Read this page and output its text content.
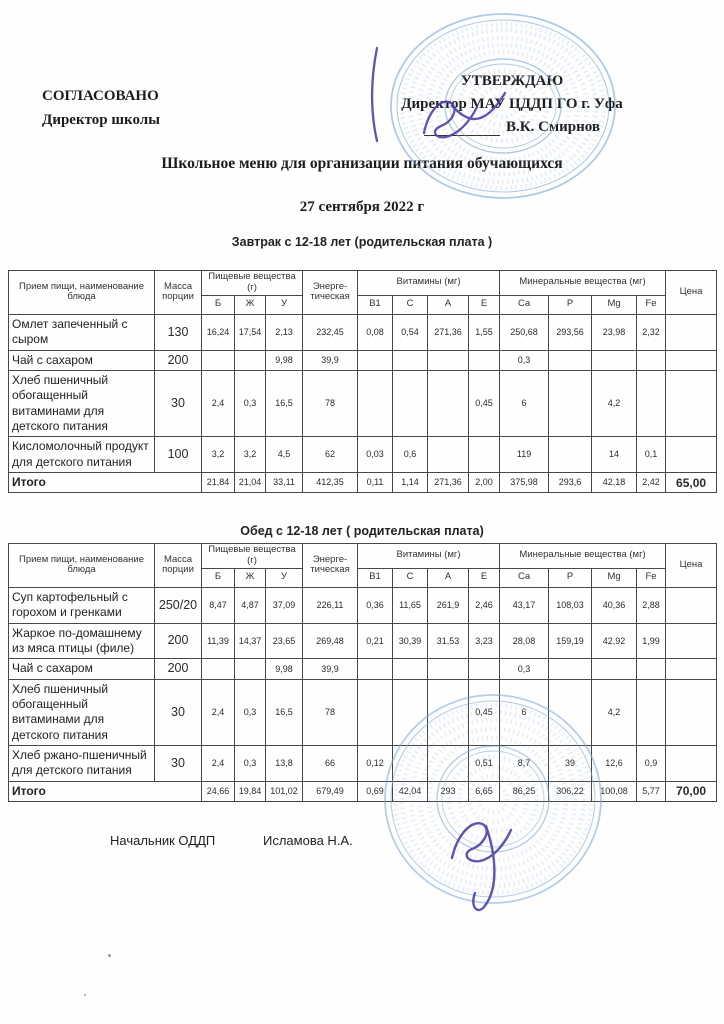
СОГЛАСОВАНО
Директор школы
УТВЕРЖДАЮ
Директор МАУ ЦДДП ГО г. Уфа
В.К. Смирнов
Школьное меню для организации питания обучающихся
27 сентября 2022 г
Завтрак с 12-18 лет (родительская плата )
Прием пищи, наименование блюда	Масса порции	Пищевые вещества (г)			Энерге-тическая	Витамины (мг)				Минеральные вещества (мг)				Цена
		Б	Ж	У		B1	C	A	E	Ca	P	Mg	Fe	
Омлет запеченный с сыром	130	16,24	17,54	2,13	232,45	0,08	0,54	271,36	1,55	250,68	293,56	23,98	2,32	
Чай с сахаром	200			9,98	39,9					0,3				
Хлеб пшеничный обогащенный витаминами для детского питания	30	2,4	0,3	16,5	78				0,45	6		4,2		
Кисломолочный продукт для детского питания	100	3,2	3,2	4,5	62	0,03	0,6			119		14	0,1	
Итого		21,84	21,04	33,11	412,35	0,11	1,14	271,36	2,00	375,98	293,6	42,18	2,42	65,00
Обед с 12-18 лет ( родительская плата)
Прием пищи, наименование блюда	Масса порции	Пищевые вещества (г)			Энерге-тическая	Витамины (мг)				Минеральные вещества (мг)				Цена
		Б	Ж	У		B1	C	A	E	Ca	P	Mg	Fe	
Суп картофельный с горохом и гренками	250/20	8,47	4,87	37,09	226,11	0,36	11,65	261,9	2,46	43,17	108,03	40,36	2,88	
Жаркое по-домашнему из мяса птицы (филе)	200	11,39	14,37	23,65	269,48	0,21	30,39	31,53	3,23	28,08	159,19	42,92	1,99	
Чай с сахаром	200			9,98	39,9					0,3				
Хлеб пшеничный обогащенный витаминами для детского питания	30	2,4	0,3	16,5	78				0,45	6		4,2		
Хлеб ржано-пшеничный для детского питания	30	2,4	0,3	13,8	66	0,12			0,51	8,7	39	12,6	0,9	
Итого		24,66	19,84	101,02	679,49	0,69	42,04	293	6,65	86,25	306,22	100,08	5,77	70,00
Начальник ОДДП	Исламова Н.А.
